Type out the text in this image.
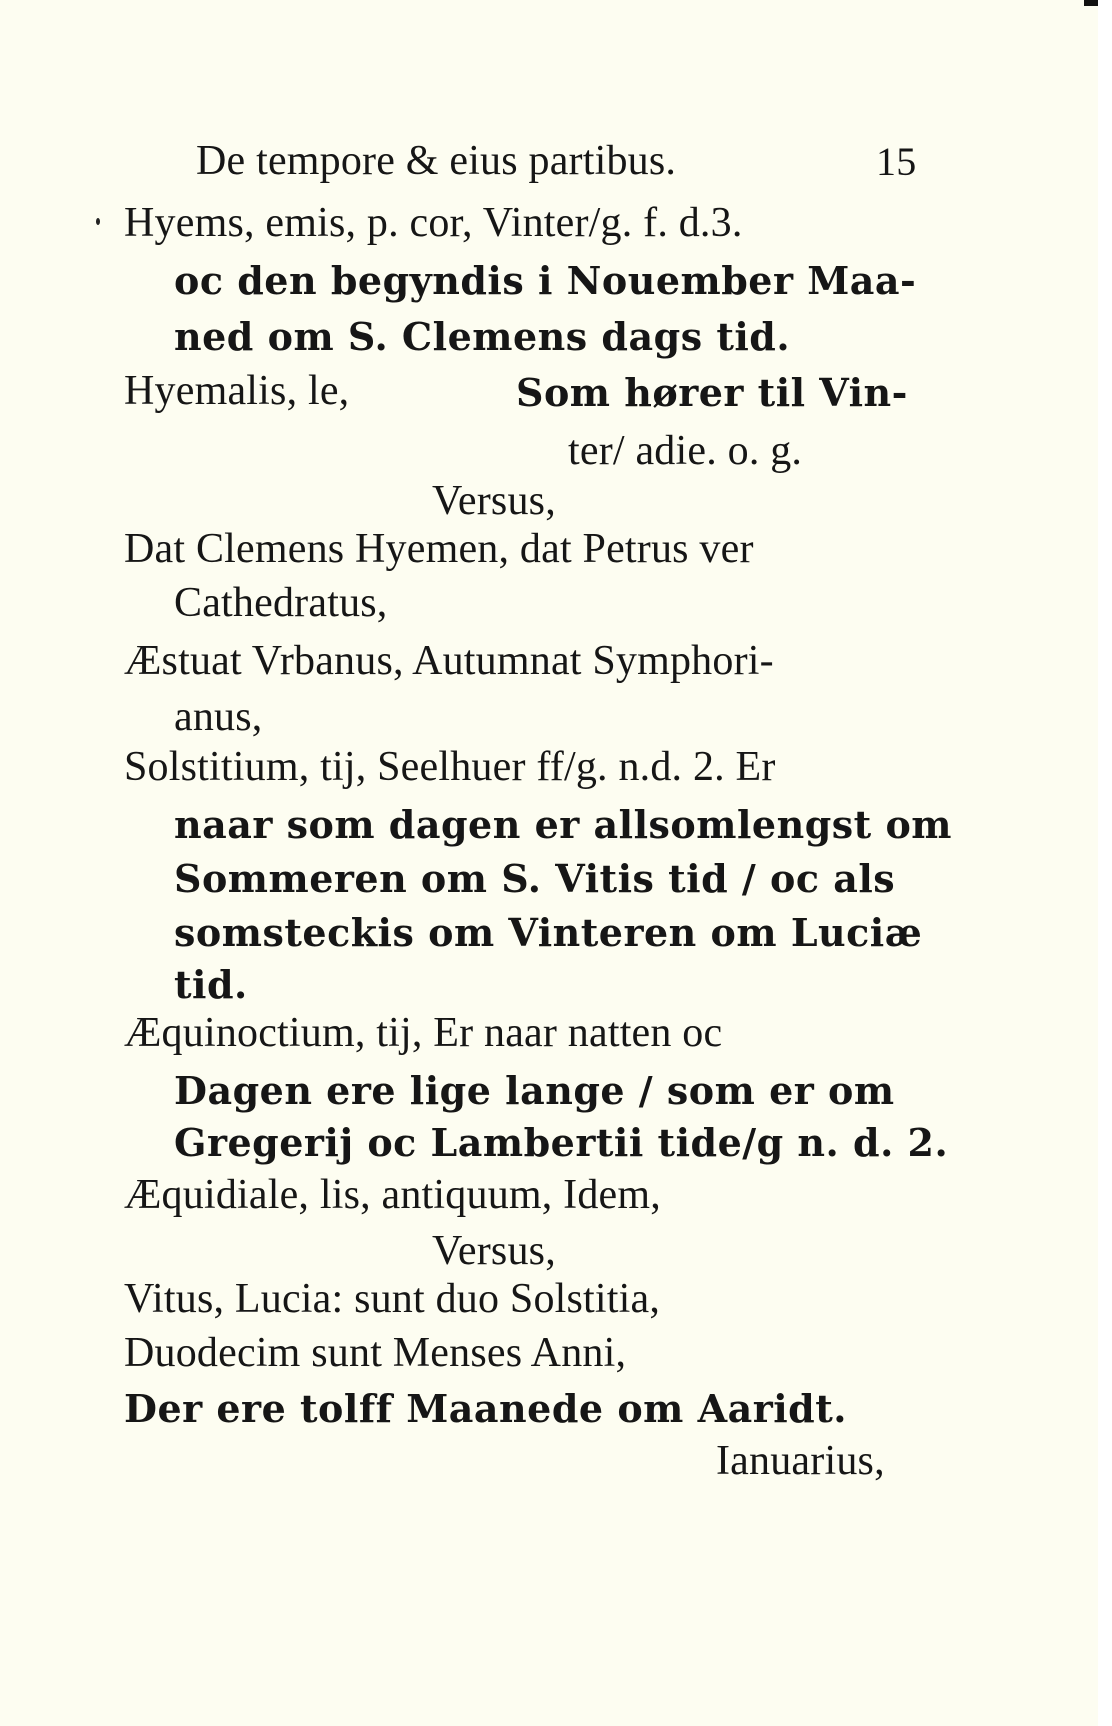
De tempore & eius partibus.	15
Hyems, emis, p. cor, Vinter/g. f. d.3.
oc den begyndis i Nouember Maa-
ned om S. Clemens dags tid.
Hyemalis, le,	Som hører til Vin-
ter/ adie. o. g.
Versus,
Dat Clemens Hyemen, dat Petrus ver
Cathedratus,
Æstuat Vrbanus, Autumnat Symphori-
anus,
Solstitium, tij, Seelhuer ff/g. n.d. 2. Er
naar som dagen er allsomlengst om
Sommeren om S. Vitis tid / oc als
somsteckis om Vinteren om Luciæ
tid.
Æquinoctium, tij, Er naar natten oc
Dagen ere lige lange / som er om
Gregerij oc Lambertii tide/g n. d. 2.
Æquidiale, lis, antiquum, Idem,
Versus,
Vitus, Lucia: sunt duo Solstitia,
Duodecim sunt Menses Anni,
Der ere tolff Maanede om Aaridt.
Ianuarius,
